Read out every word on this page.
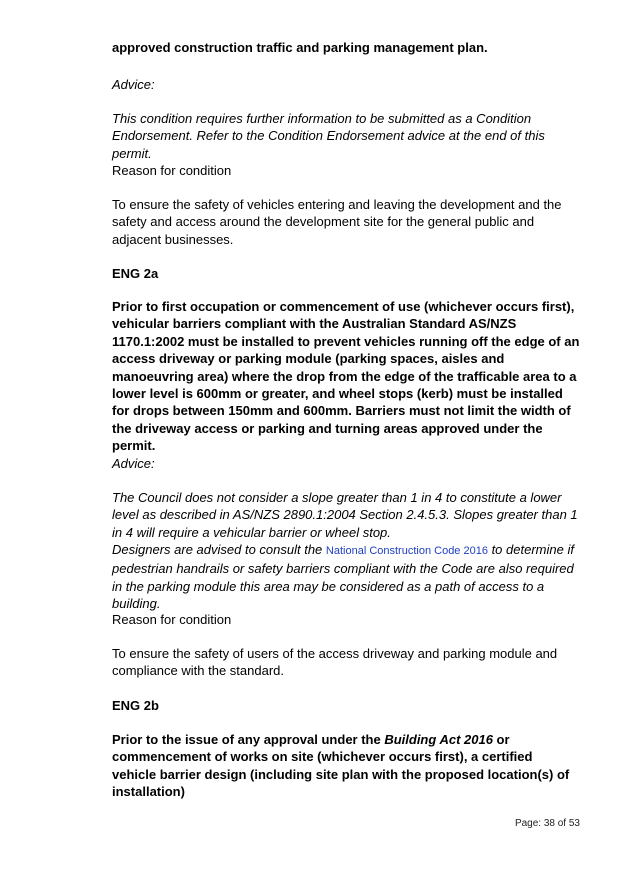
approved construction traffic and parking management plan.

Advice:

This condition requires further information to be submitted as a Condition Endorsement. Refer to the Condition Endorsement advice at the end of this permit.

Reason for condition

To ensure the safety of vehicles entering and leaving the development and the safety and access around the development site for the general public and adjacent businesses.

ENG 2a

Prior to first occupation or commencement of use (whichever occurs first), vehicular barriers compliant with the Australian Standard AS/NZS 1170.1:2002 must be installed to prevent vehicles running off the edge of an access driveway or parking module (parking spaces, aisles and manoeuvring area) where the drop from the edge of the trafficable area to a lower level is 600mm or greater, and wheel stops (kerb) must be installed for drops between 150mm and 600mm. Barriers must not limit the width of the driveway access or parking and turning areas approved under the permit.

Advice:

The Council does not consider a slope greater than 1 in 4 to constitute a lower level as described in AS/NZS 2890.1:2004 Section 2.4.5.3. Slopes greater than 1 in 4 will require a vehicular barrier or wheel stop.

Designers are advised to consult the National Construction Code 2016 to determine if pedestrian handrails or safety barriers compliant with the Code are also required in the parking module this area may be considered as a path of access to a building.

Reason for condition

To ensure the safety of users of the access driveway and parking module and compliance with the standard.

ENG 2b

Prior to the issue of any approval under the Building Act 2016 or commencement of works on site (whichever occurs first), a certified vehicle barrier design (including site plan with the proposed location(s) of installation)

Page: 38 of 53
